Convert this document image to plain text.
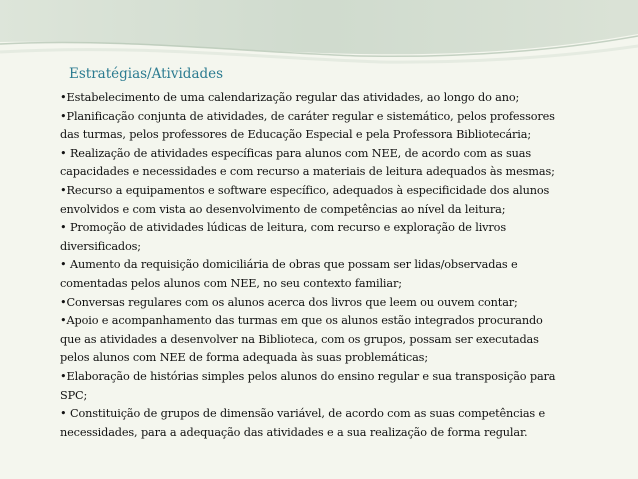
Estratégias/Atividades
•Estabelecimento de uma calendarização regular das atividades, ao longo do ano;
•Planificação conjunta de atividades, de caráter regular e sistemático, pelos professores
das turmas, pelos professores de Educação Especial e pela Professora Bibliotecária;
• Realização de atividades específicas para alunos com NEE, de acordo com as suas
capacidades e necessidades e com recurso a materiais de leitura adequados às mesmas;
•Recurso a equipamentos e software específico, adequados à especificidade dos alunos
envolvidos e com vista ao desenvolvimento de competências ao nível da leitura;
• Promoção de atividades lúdicas de leitura, com recurso e exploração de livros
diversificados;
• Aumento da requisição domiciliária de obras que possam ser lidas/observadas e
comentadas pelos alunos com NEE, no seu contexto familiar;
•Conversas regulares com os alunos acerca dos livros que leem ou ouvem contar;
•Apoio e acompanhamento das turmas em que os alunos estão integrados procurando
que as atividades a desenvolver na Biblioteca, com os grupos, possam ser executadas
pelos alunos com NEE de forma adequada às suas problemáticas;
•Elaboração de histórias simples pelos alunos do ensino regular e sua transposição para
SPC;
• Constituição de grupos de dimensão variável, de acordo com as suas competências e
necessidades, para a adequação das atividades e a sua realização de forma regular.
